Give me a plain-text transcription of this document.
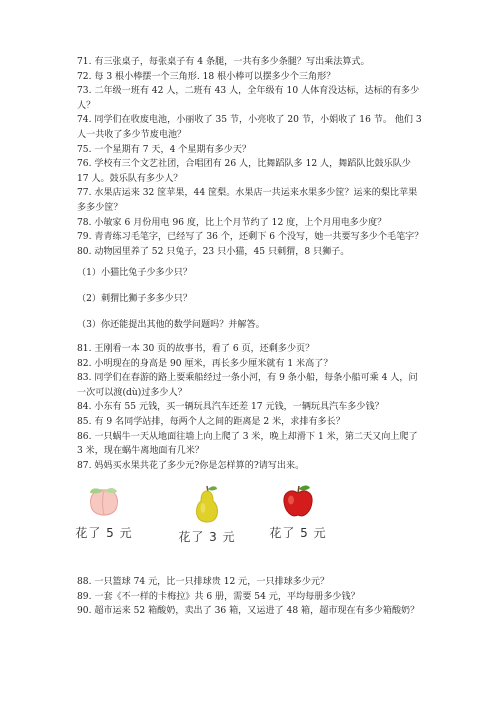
71. 有三张桌子，每张桌子有 4 条腿，一共有多少条腿？写出乘法算式。

72. 每 3 根小棒摆一个三角形. 18 根小棒可以摆多少个三角形？

73. 二年级一班有 42 人，二班有 43 人，全年级有 10 人体育没达标，达标的有多少人？

74. 同学们在收废电池，小丽收了 35 节，小亮收了 20 节，小娟收了 16 节。 他们 3 人一共收了多少节废电池？

75. 一个星期有 7 天，4 个星期有多少天？

76. 学校有三个文艺社团，合唱团有 26 人，比舞蹈队多 12 人，舞蹈队比鼓乐队少 17 人。鼓乐队有多少人？

77. 水果店运来 32 筐苹果，44 筐梨。水果店一共运来水果多少筐？运来的梨比苹果多多少筐？

78. 小敏家 6 月份用电 96 度，比上个月节约了 12 度，上个月用电多少度？

79. 青青练习毛笔字，已经写了 36 个，还剩下 6 个没写，她一共要写多少个毛笔字？

80. 动物园里养了 52 只兔子，23 只小猫，45 只刺猬，8 只狮子。

（1）小猫比兔子少多少只？
（2）刺猬比狮子多多少只？
（3）你还能提出其他的数学问题吗？并解答。

81. 王刚看一本 30 页的故事书，看了 6 页，还剩多少页？

82. 小明现在的身高是 90 厘米，再长多少厘米就有 1 米高了？

83. 同学们在春游的路上要乘船经过一条小河，有 9 条小船，每条小船可乘 4 人，问一次可以渡(dù)过多少人？

84. 小东有 55 元钱，买一辆玩具汽车还差 17 元钱，一辆玩具汽车多少钱？

85. 有 9 名同学站排，每两个人之间的距离是 2 米，求排有多长？

86. 一只蜗牛一天从地面往墙上向上爬了 3 米，晚上却滑下 1 米，第二天又向上爬了 3 米，现在蜗牛离地面有几米？

87. 妈妈买水果共花了多少元?你是怎样算的?请写出来。

花了 5 元	花了 3 元	花了 5 元

88. 一只篮球 74 元，比一只排球贵 12 元，一只排球多少元？

89. 一套《不一样的卡梅拉》共 6 册，需要 54 元，平均每册多少钱？

90. 超市运来 52 箱酸奶，卖出了 36 箱，又运进了 48 箱，超市现在有多少箱酸奶？
